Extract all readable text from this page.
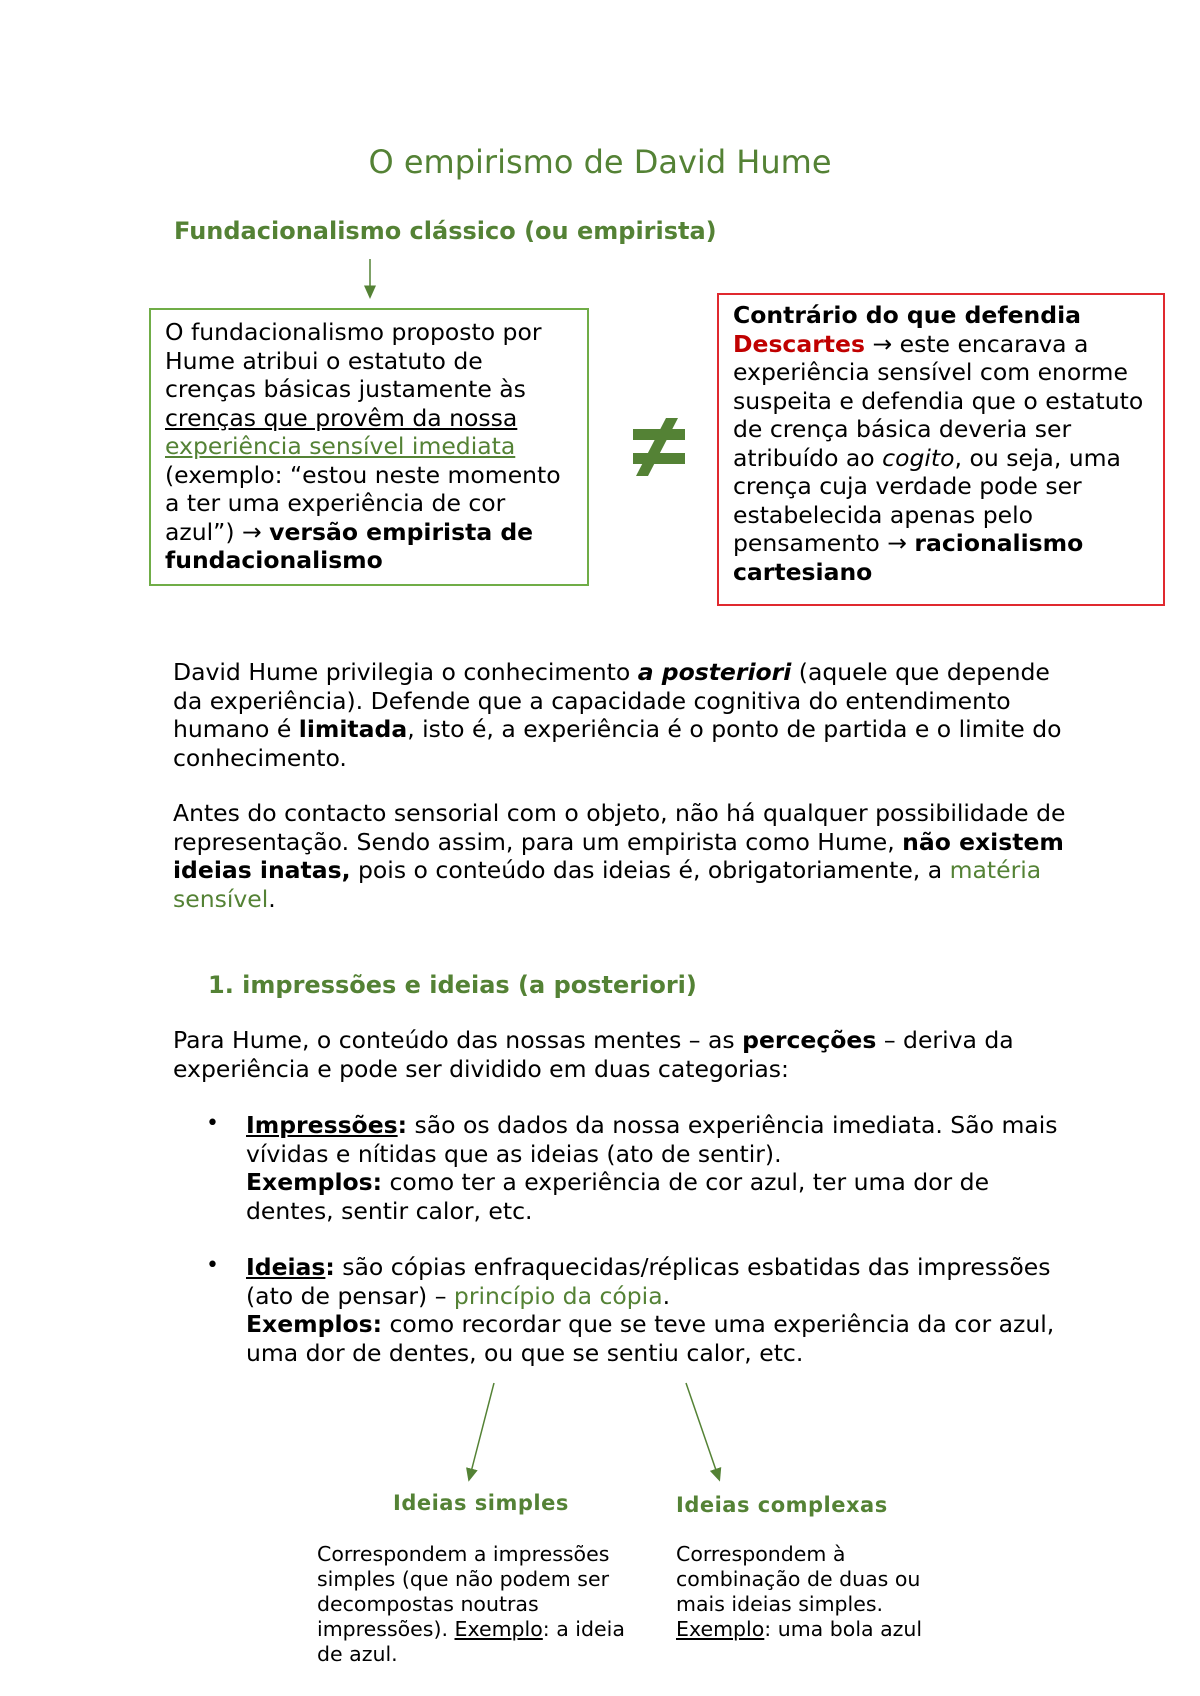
O empirismo de David Hume
Fundacionalismo clássico (ou empirista)
O fundacionalismo proposto por Hume atribui o estatuto de crenças básicas justamente às crenças que provêm da nossa experiência sensível imediata (exemplo: “estou neste momento a ter uma experiência de cor azul”) → versão empirista de fundacionalismo
Contrário do que defendia Descartes → este encarava a experiência sensível com enorme suspeita e defendia que o estatuto de crença básica deveria ser atribuído ao cogito, ou seja, uma crença cuja verdade pode ser estabelecida apenas pelo pensamento → racionalismo cartesiano
David Hume privilegia o conhecimento a posteriori (aquele que depende da experiência). Defende que a capacidade cognitiva do entendimento humano é limitada, isto é, a experiência é o ponto de partida e o limite do conhecimento.
Antes do contacto sensorial com o objeto, não há qualquer possibilidade de representação. Sendo assim, para um empirista como Hume, não existem ideias inatas, pois o conteúdo das ideias é, obrigatoriamente, a matéria sensível.
1. impressões e ideias (a posteriori)
Para Hume, o conteúdo das nossas mentes – as perceções – deriva da experiência e pode ser dividido em duas categorias:
• Impressões: são os dados da nossa experiência imediata. São mais vívidas e nítidas que as ideias (ato de sentir).
Exemplos: como ter a experiência de cor azul, ter uma dor de dentes, sentir calor, etc.
• Ideias: são cópias enfraquecidas/réplicas esbatidas das impressões (ato de pensar) – princípio da cópia.
Exemplos: como recordar que se teve uma experiência da cor azul, uma dor de dentes, ou que se sentiu calor, etc.
Ideias simples	Ideias complexas
Correspondem a impressões simples (que não podem ser decompostas noutras impressões). Exemplo: a ideia de azul.
Correspondem à combinação de duas ou mais ideias simples. Exemplo: uma bola azul
